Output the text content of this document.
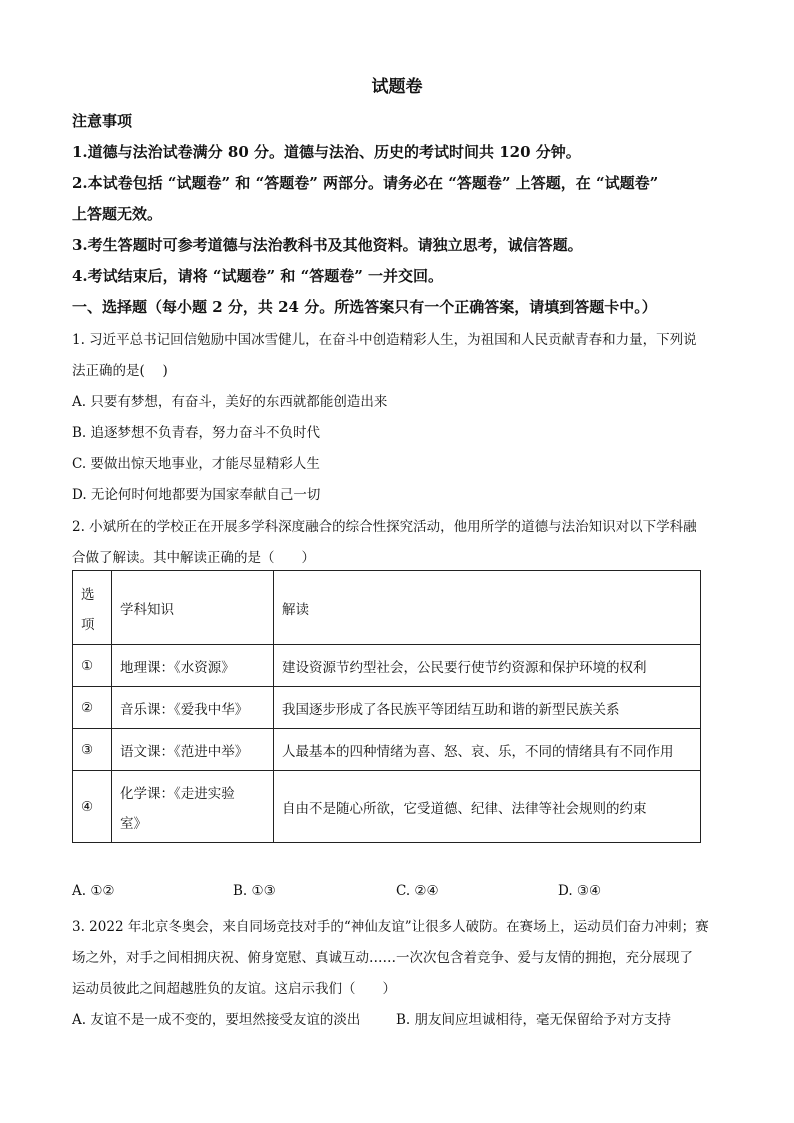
试题卷
注意事项
1.道德与法治试卷满分 80 分。道德与法治、历史的考试时间共 120 分钟。
2.本试卷包括 “试题卷” 和 “答题卷” 两部分。请务必在 “答题卷” 上答题，在 “试题卷”
上答题无效。
3.考生答题时可参考道德与法治教科书及其他资料。请独立思考，诚信答题。
4.考试结束后，请将 “试题卷” 和 “答题卷” 一并交回。
一、选择题（每小题 2 分，共 24 分。所选答案只有一个正确答案，请填到答题卡中。）
1. 习近平总书记回信勉励中国冰雪健儿，在奋斗中创造精彩人生，为祖国和人民贡献青春和力量，下列说
法正确的是(　 )
A. 只要有梦想，有奋斗，美好的东西就都能创造出来
B. 追逐梦想不负青春，努力奋斗不负时代
C. 要做出惊天地事业，才能尽显精彩人生
D. 无论何时何地都要为国家奉献自己一切
2. 小斌所在的学校正在开展多学科深度融合的综合性探究活动，他用所学的道德与法治知识对以下学科融
合做了解读。其中解读正确的是（　　）
选
项	学科知识	解读
①	地理课：《水资源》	建设资源节约型社会，公民要行使节约资源和保护环境的权利
②	音乐课：《爱我中华》	我国逐步形成了各民族平等团结互助和谐的新型民族关系
③	语文课：《范进中举》	人最基本的四种情绪为喜、怒、哀、乐，不同的情绪具有不同作用
④	化学课：《走进实验
室》	自由不是随心所欲，它受道德、纪律、法律等社会规则的约束
A. ①②	B. ①③	C. ②④	D. ③④
3. 2022 年北京冬奥会，来自同场竞技对手的“神仙友谊”让很多人破防。在赛场上，运动员们奋力冲刺；赛
场之外，对手之间相拥庆祝、俯身宽慰、真诚互动……一次次包含着竞争、爱与友情的拥抱，充分展现了
运动员彼此之间超越胜负的友谊。这启示我们（　　）
A. 友谊不是一成不变的，要坦然接受友谊的淡出	B. 朋友间应坦诚相待，毫无保留给予对方支持
